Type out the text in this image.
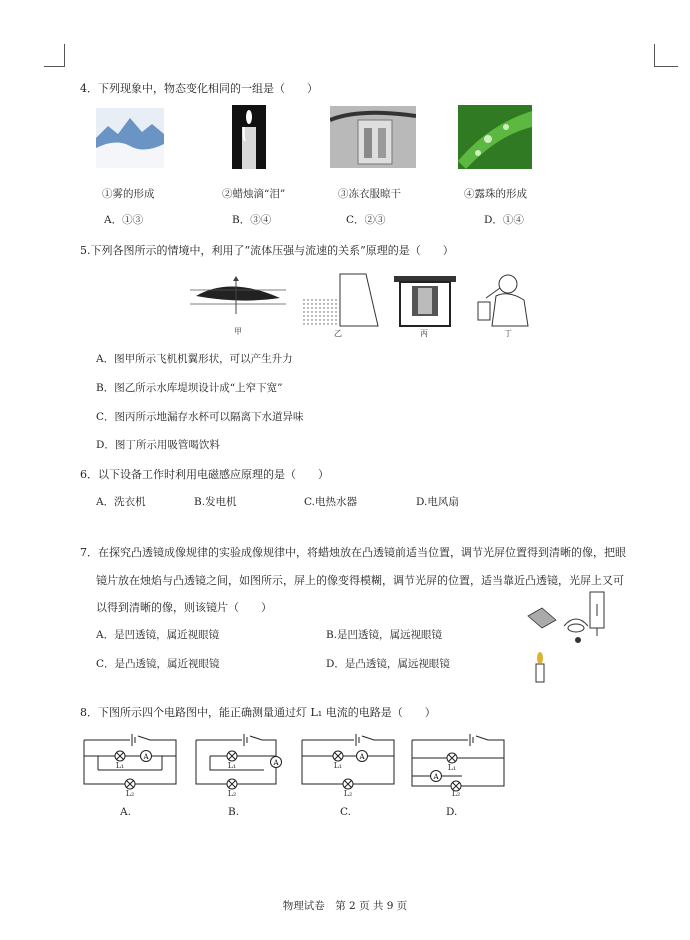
4．下列现象中，物态变化相同的一组是（　　）
①雾的形成	②蜡烛滴“泪”	③冻衣服晾干	④露珠的形成
A．①③	B．③④	C．②③	D．①④
5.下列各图所示的情境中，利用了“流体压强与流速的关系”原理的是（　　）
甲	乙	丙	丁
A．图甲所示飞机机翼形状，可以产生升力
B．图乙所示水库堤坝设计成“上窄下宽”
C．图丙所示地漏存水杯可以隔离下水道异味
D．图丁所示用吸管喝饮料
6．以下设备工作时利用电磁感应原理的是（　　）
A．洗衣机	B.发电机	C.电热水器	D.电风扇
7．在探究凸透镜成像规律的实验成像规律中，将蜡烛放在凸透镜前适当位置，调节光屏位置得到清晰的像，把眼
镜片放在烛焰与凸透镜之间，如图所示，屏上的像变得模糊，调节光屏的位置，适当靠近凸透镜，光屏上又可
以得到清晰的像，则该镜片（　　）
A．是凹透镜，属近视眼镜	B.是凹透镜，属远视眼镜
C．是凸透镜，属近视眼镜	D．是凸透镜，属远视眼镜
8．下图所示四个电路图中，能正确测量通过灯 L₁ 电流的电路是（　　）
A
L₁
L₂
A
L₁
L₂
A
L₁
L₂
L₁
A
L₂
A.	B.	C.	D.
物理试卷　第 2 页 共 9 页
